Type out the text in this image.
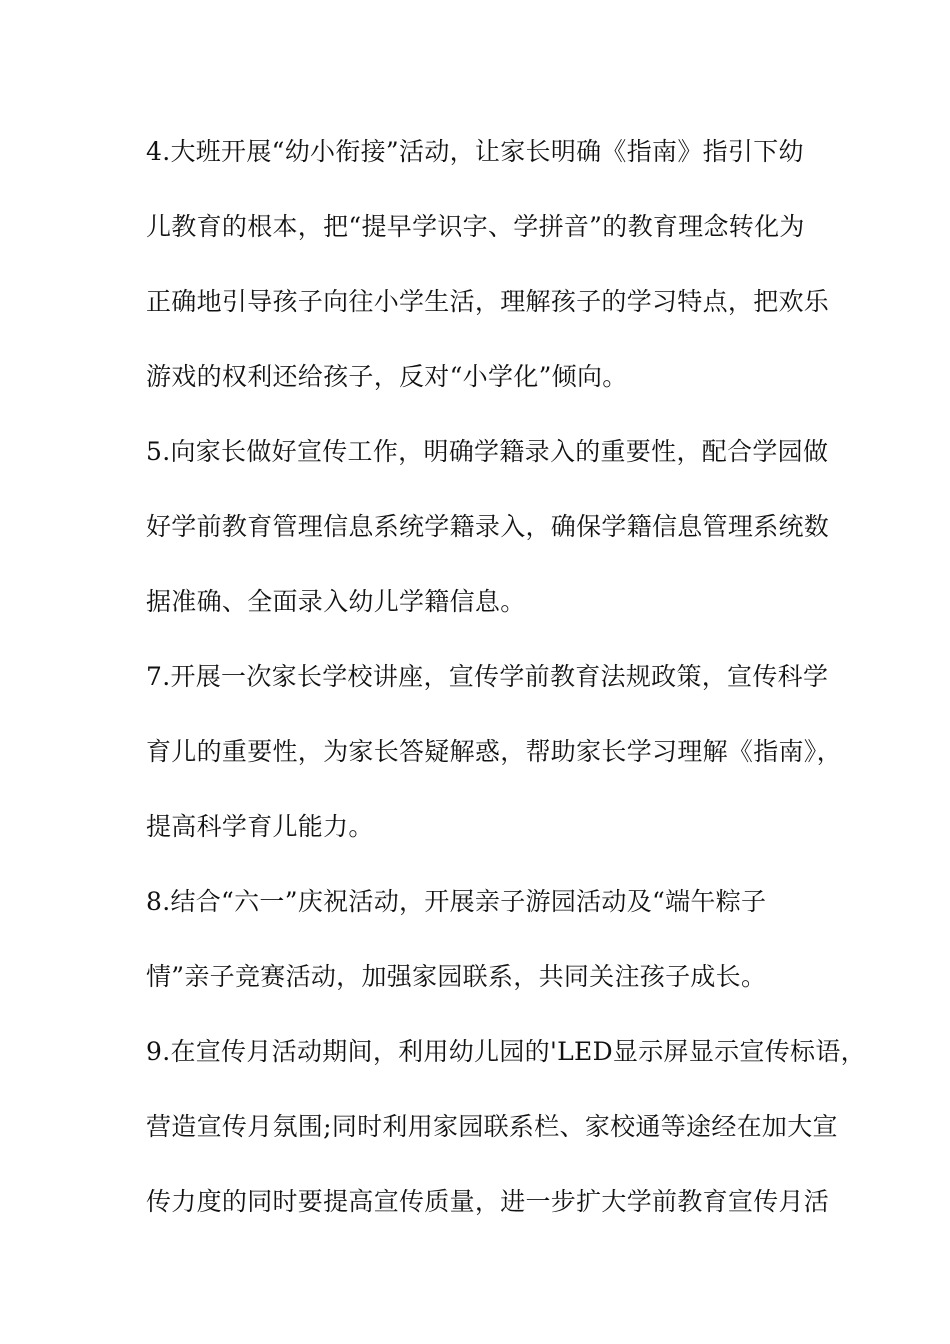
4.大班开展“幼小衔接”活动，让家长明确《指南》指引下幼
儿教育的根本，把“提早学识字、学拼音”的教育理念转化为
正确地引导孩子向往小学生活，理解孩子的学习特点，把欢乐
游戏的权利还给孩子，反对“小学化”倾向。
5.向家长做好宣传工作，明确学籍录入的重要性，配合学园做
好学前教育管理信息系统学籍录入，确保学籍信息管理系统数
据准确、全面录入幼儿学籍信息。
7.开展一次家长学校讲座，宣传学前教育法规政策，宣传科学
育儿的重要性，为家长答疑解惑，帮助家长学习理解《指南》，
提高科学育儿能力。
8.结合“六一”庆祝活动，开展亲子游园活动及“端午粽子
情”亲子竞赛活动，加强家园联系，共同关注孩子成长。
9.在宣传月活动期间，利用幼儿园的'LED显示屏显示宣传标语，
营造宣传月氛围;同时利用家园联系栏、家校通等途经在加大宣
传力度的同时要提高宣传质量，进一步扩大学前教育宣传月活
